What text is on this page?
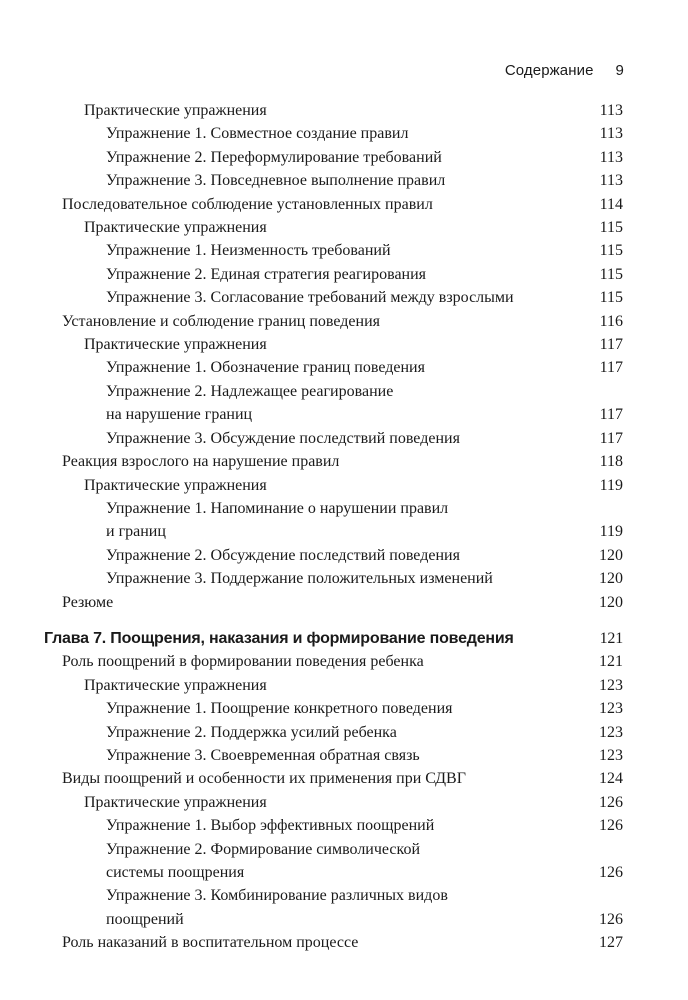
Содержание 9
Практические упражнения	113
Упражнение 1. Совместное создание правил	113
Упражнение 2. Переформулирование требований	113
Упражнение 3. Повседневное выполнение правил	113
Последовательное соблюдение установленных правил	114
Практические упражнения	115
Упражнение 1. Неизменность требований	115
Упражнение 2. Единая стратегия реагирования	115
Упражнение 3. Согласование требований между взрослыми	115
Установление и соблюдение границ поведения	116
Практические упражнения	117
Упражнение 1. Обозначение границ поведения	117
Упражнение 2. Надлежащее реагирование
на нарушение границ	117
Упражнение 3. Обсуждение последствий поведения	117
Реакция взрослого на нарушение правил	118
Практические упражнения	119
Упражнение 1. Напоминание о нарушении правил
и границ	119
Упражнение 2. Обсуждение последствий поведения	120
Упражнение 3. Поддержание положительных изменений	120
Резюме	120
Глава 7. Поощрения, наказания и формирование поведения	121
Роль поощрений в формировании поведения ребенка	121
Практические упражнения	123
Упражнение 1. Поощрение конкретного поведения	123
Упражнение 2. Поддержка усилий ребенка	123
Упражнение 3. Своевременная обратная связь	123
Виды поощрений и особенности их применения при СДВГ	124
Практические упражнения	126
Упражнение 1. Выбор эффективных поощрений	126
Упражнение 2. Формирование символической
системы поощрения	126
Упражнение 3. Комбинирование различных видов
поощрений	126
Роль наказаний в воспитательном процессе	127
